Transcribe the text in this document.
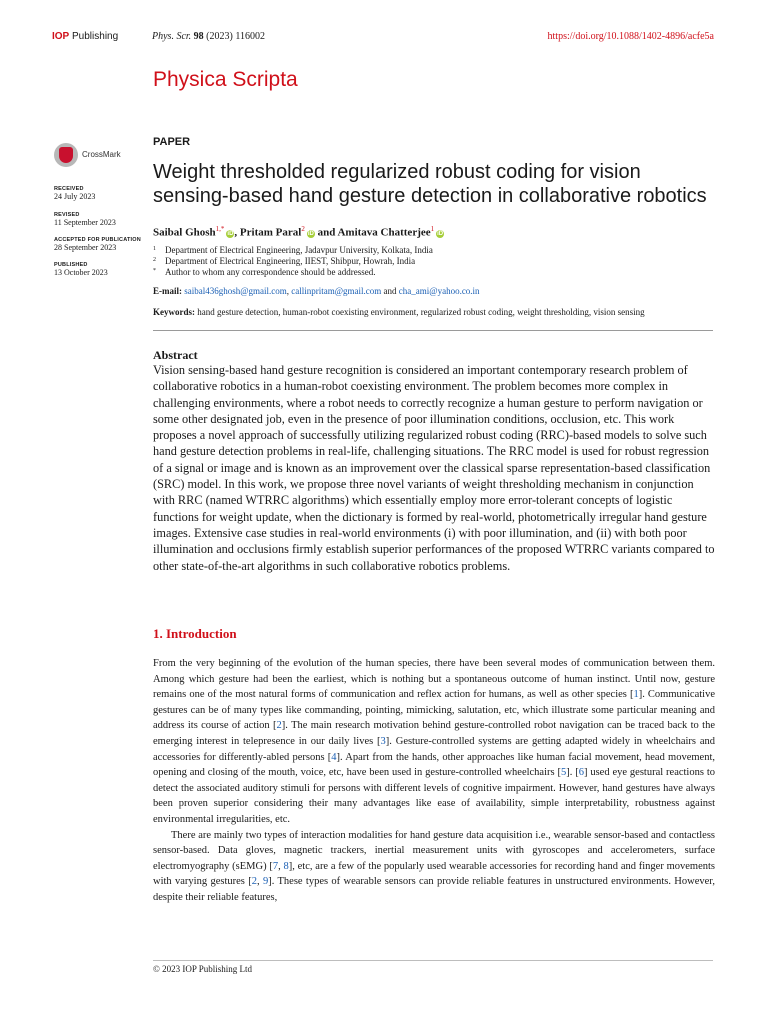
IOP Publishing	Phys. Scr. 98 (2023) 116002	https://doi.org/10.1088/1402-4896/acfe5a
Physica Scripta
CrossMark
RECEIVED
24 July 2023
REVISED
11 September 2023
ACCEPTED FOR PUBLICATION
28 September 2023
PUBLISHED
13 October 2023
PAPER
Weight thresholded regularized robust coding for vision sensing-based hand gesture detection in collaborative robotics
Saibal Ghosh$^{1,*}$iD, Pritam Paral$^2$iD and Amitava Chatterjee$^1$iD
1 Department of Electrical Engineering, Jadavpur University, Kolkata, India
2 Department of Electrical Engineering, IIEST, Shibpur, Howrah, India
* Author to whom any correspondence should be addressed.
E-mail: saibal436ghosh@gmail.com, callinpritam@gmail.com and cha_ami@yahoo.co.in
Keywords: hand gesture detection, human-robot coexisting environment, regularized robust coding, weight thresholding, vision sensing
Abstract
Vision sensing-based hand gesture recognition is considered an important contemporary research problem of collaborative robotics in a human-robot coexisting environment. The problem becomes more complex in challenging environments, where a robot needs to correctly recognize a human gesture to perform navigation or some other designated job, even in the presence of poor illumination conditions, occlusion, etc. This work proposes a novel approach of successfully utilizing regularized robust coding (RRC)-based models to solve such hand gesture detection problems in real-life, challenging situations. The RRC model is used for robust regression of a signal or image and is known as an improvement over the classical sparse representation-based classification (SRC) model. In this work, we propose three novel variants of weight thresholding mechanism in conjunction with RRC (named WTRRC algorithms) which essentially employ more error-tolerant concepts of logistic functions for weight update, when the dictionary is formed by real-world, photometrically irregular hand gesture images. Extensive case studies in real-world environments (i) with poor illumination, and (ii) with both poor illumination and occlusions firmly establish superior performances of the proposed WTRRC variants compared to other state-of-the-art algorithms in such collaborative robotics problems.
1. Introduction

From the very beginning of the evolution of the human species, there have been several modes of communication between them. Among which gesture had been the earliest, which is nothing but a spontaneous outcome of human instinct. Until now, gesture remains one of the most natural forms of communication and reflex action for humans, as well as other species [1]. Communicative gestures can be of many types like commanding, pointing, mimicking, salutation, etc, which illustrate some particular meaning and address its course of action [2]. The main research motivation behind gesture-controlled robot navigation can be traced back to the emerging interest in telepresence in our daily lives [3]. Gesture-controlled systems are getting adapted widely in wheelchairs and accessories for differently-abled persons [4]. Apart from the hands, other approaches like human facial movement, head movement, opening and closing of the mouth, voice, etc, have been used in gesture-controlled wheelchairs [5]. [6] used eye gestural reactions to detect the associated auditory stimuli for persons with different levels of cognitive impairment. However, hand gestures have always been proven superior considering their many advantages like ease of availability, simple interpretability, robustness against environmental irregularities, etc.

There are mainly two types of interaction modalities for hand gesture data acquisition i.e., wearable sensor-based and contactless sensor-based. Data gloves, magnetic trackers, inertial measurement units with gyroscopes and accelerometers, surface electromyography (sEMG) [7, 8], etc, are a few of the popularly used wearable accessories for recording hand and finger movements with varying gestures [2, 9]. These types of wearable sensors can provide reliable features in unstructured environments. However, despite their reliable features,

© 2023 IOP Publishing Ltd
